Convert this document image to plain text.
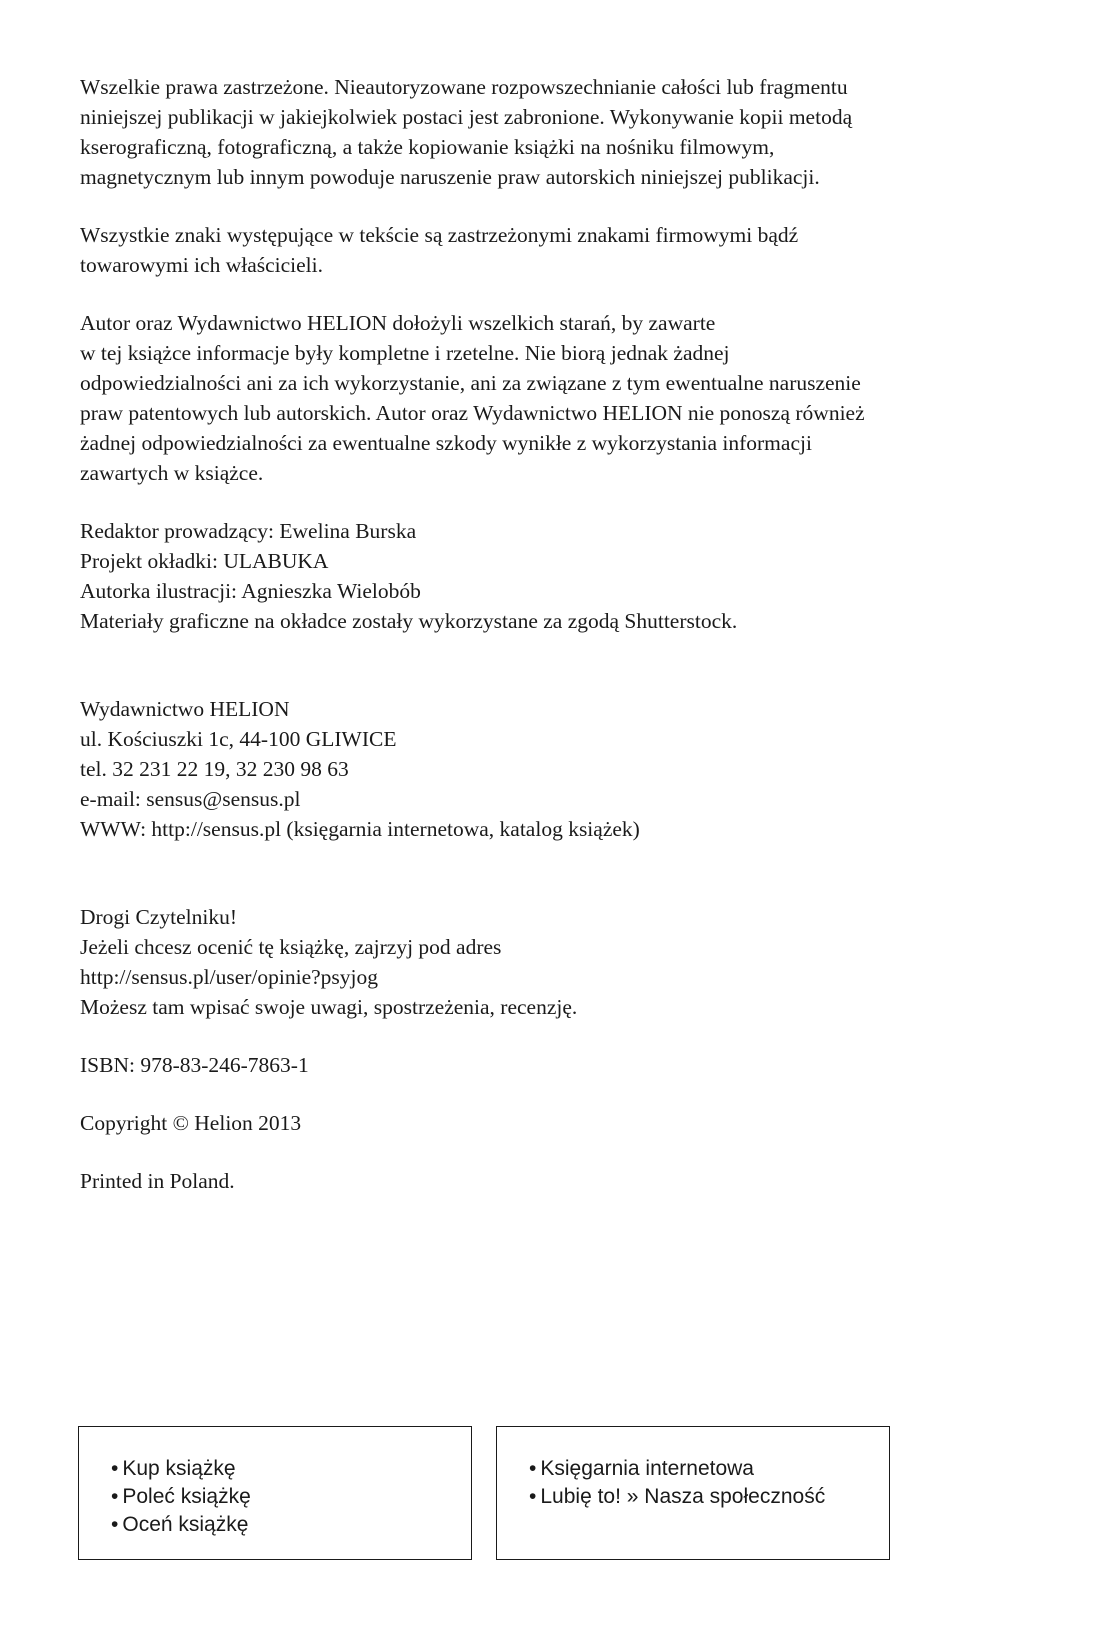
Wszelkie prawa zastrzeżone. Nieautoryzowane rozpowszechnianie całości lub fragmentu
niniejszej publikacji w jakiejkolwiek postaci jest zabronione. Wykonywanie kopii metodą
kserograficzną, fotograficzną, a także kopiowanie książki na nośniku filmowym,
magnetycznym lub innym powoduje naruszenie praw autorskich niniejszej publikacji.

Wszystkie znaki występujące w tekście są zastrzeżonymi znakami firmowymi bądź
towarowymi ich właścicieli.

Autor oraz Wydawnictwo HELION dołożyli wszelkich starań, by zawarte
w tej książce informacje były kompletne i rzetelne. Nie biorą jednak żadnej
odpowiedzialności ani za ich wykorzystanie, ani za związane z tym ewentualne naruszenie
praw patentowych lub autorskich. Autor oraz Wydawnictwo HELION nie ponoszą również
żadnej odpowiedzialności za ewentualne szkody wynikłe z wykorzystania informacji
zawartych w książce.

Redaktor prowadzący: Ewelina Burska
Projekt okładki: ULABUKA
Autorka ilustracji: Agnieszka Wielobób
Materiały graficzne na okładce zostały wykorzystane za zgodą Shutterstock.

Wydawnictwo HELION
ul. Kościuszki 1c, 44-100 GLIWICE
tel. 32 231 22 19, 32 230 98 63
e-mail: sensus@sensus.pl
WWW: http://sensus.pl (księgarnia internetowa, katalog książek)

Drogi Czytelniku!
Jeżeli chcesz ocenić tę książkę, zajrzyj pod adres
http://sensus.pl/user/opinie?psyjog
Możesz tam wpisać swoje uwagi, spostrzeżenia, recenzję.

ISBN: 978-83-246-7863-1

Copyright © Helion 2013

Printed in Poland.

• Kup książkę
• Poleć książkę
• Oceń książkę
• Księgarnia internetowa
• Lubię to! » Nasza społeczność
